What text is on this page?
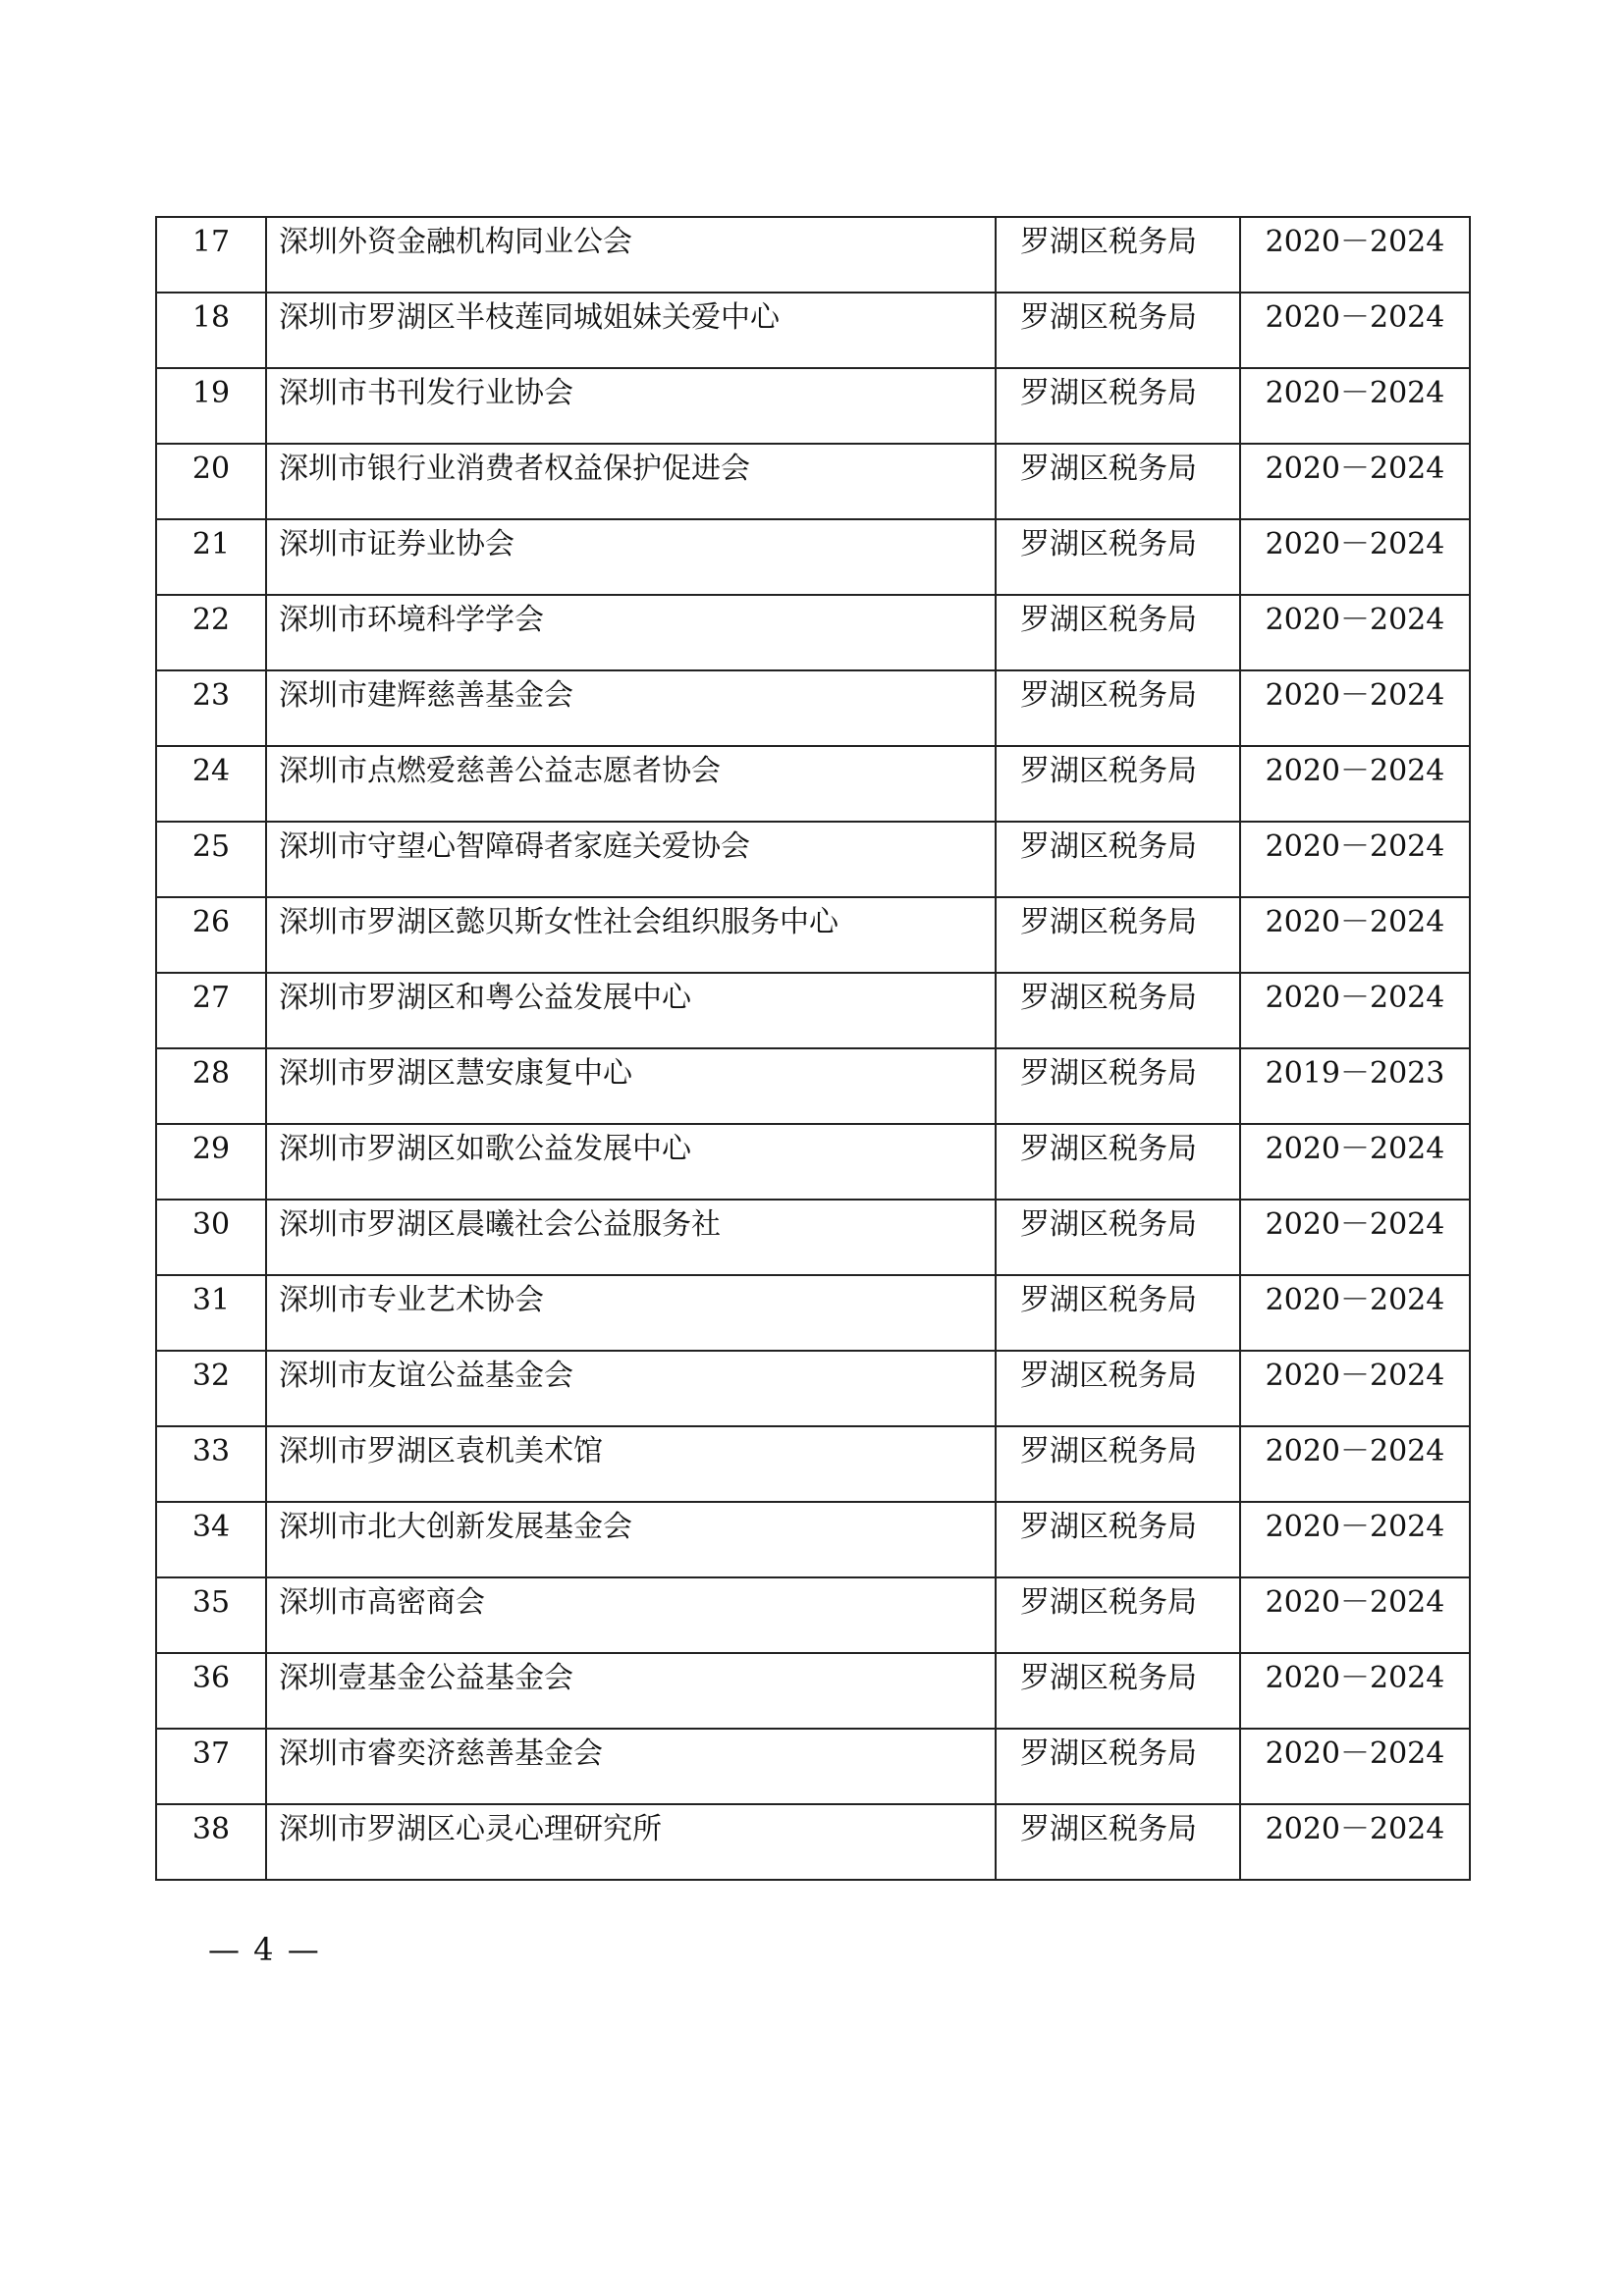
17	深圳外资金融机构同业公会	罗湖区税务局	2020－2024

18	深圳市罗湖区半枝莲同城姐妹关爱中心	罗湖区税务局	2020－2024

19	深圳市书刊发行业协会	罗湖区税务局	2020－2024

20	深圳市银行业消费者权益保护促进会	罗湖区税务局	2020－2024

21	深圳市证券业协会	罗湖区税务局	2020－2024

22	深圳市环境科学学会	罗湖区税务局	2020－2024

23	深圳市建辉慈善基金会	罗湖区税务局	2020－2024

24	深圳市点燃爱慈善公益志愿者协会	罗湖区税务局	2020－2024

25	深圳市守望心智障碍者家庭关爱协会	罗湖区税务局	2020－2024

26	深圳市罗湖区懿贝斯女性社会组织服务中心	罗湖区税务局	2020－2024

27	深圳市罗湖区和粤公益发展中心	罗湖区税务局	2020－2024

28	深圳市罗湖区慧安康复中心	罗湖区税务局	2019－2023

29	深圳市罗湖区如歌公益发展中心	罗湖区税务局	2020－2024

30	深圳市罗湖区晨曦社会公益服务社	罗湖区税务局	2020－2024

31	深圳市专业艺术协会	罗湖区税务局	2020－2024

32	深圳市友谊公益基金会	罗湖区税务局	2020－2024

33	深圳市罗湖区袁机美术馆	罗湖区税务局	2020－2024

34	深圳市北大创新发展基金会	罗湖区税务局	2020－2024

35	深圳市高密商会	罗湖区税务局	2020－2024

36	深圳壹基金公益基金会	罗湖区税务局	2020－2024

37	深圳市睿奕济慈善基金会	罗湖区税务局	2020－2024

38	深圳市罗湖区心灵心理研究所	罗湖区税务局	2020－2024
— 4 —
